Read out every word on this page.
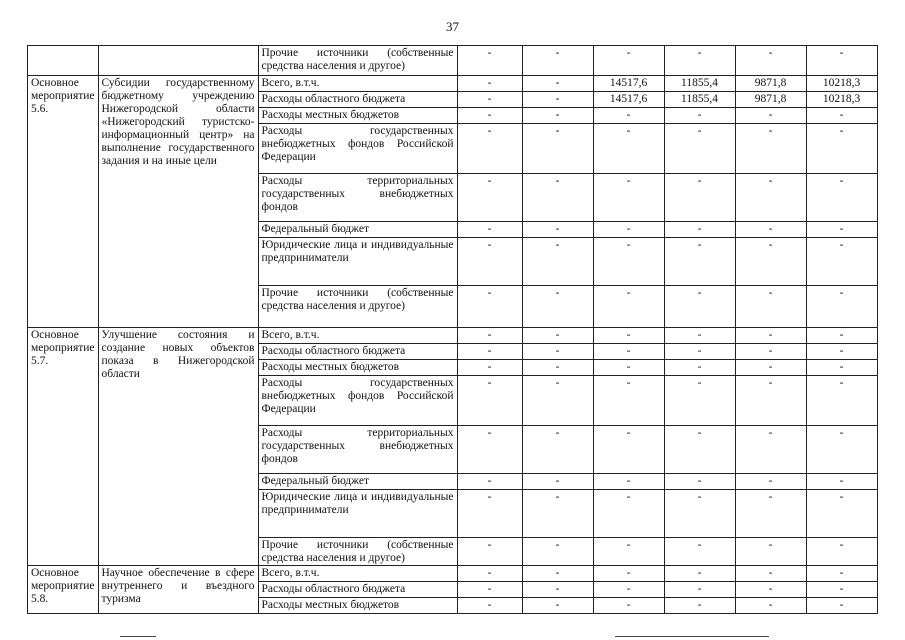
37
		Прочие источники (собственные средства населения и другое)	-	-	-	-	-	-
Основное мероприятие 5.6.	Субсидии государственному бюджетному учреждению Нижегородской области «Нижегородский туристско-информационный центр» на выполнение государственного задания и на иные цели	Всего, в.т.ч.	-	-	14517,6	11855,4	9871,8	10218,3
		Расходы областного бюджета	-	-	14517,6	11855,4	9871,8	10218,3
		Расходы местных бюджетов	-	-	-	-	-	-
		Расходы государственных внебюджетных фондов Российской Федерации	-	-	-	-	-	-
		Расходы территориальных государственных внебюджетных фондов	-	-	-	-	-	-
		Федеральный бюджет	-	-	-	-	-	-
		Юридические лица и индивидуальные предприниматели	-	-	-	-	-	-
		Прочие источники (собственные средства населения и другое)	-	-	-	-	-	-
Основное мероприятие 5.7.	Улучшение состояния и создание новых объектов показа в Нижегородской области	Всего, в.т.ч.	-	-	-	-	-	-
		Расходы областного бюджета	-	-	-	-	-	-
		Расходы местных бюджетов	-	-	-	-	-	-
		Расходы государственных внебюджетных фондов Российской Федерации	-	-	-	-	-	-
		Расходы территориальных государственных внебюджетных фондов	-	-	-	-	-	-
		Федеральный бюджет	-	-	-	-	-	-
		Юридические лица и индивидуальные предприниматели	-	-	-	-	-	-
		Прочие источники (собственные средства населения и другое)	-	-	-	-	-	-
Основное мероприятие 5.8.	Научное обеспечение в сфере внутреннего и въездного туризма	Всего, в.т.ч.	-	-	-	-	-	-
		Расходы областного бюджета	-	-	-	-	-	-
		Расходы местных бюджетов	-	-	-	-	-	-
